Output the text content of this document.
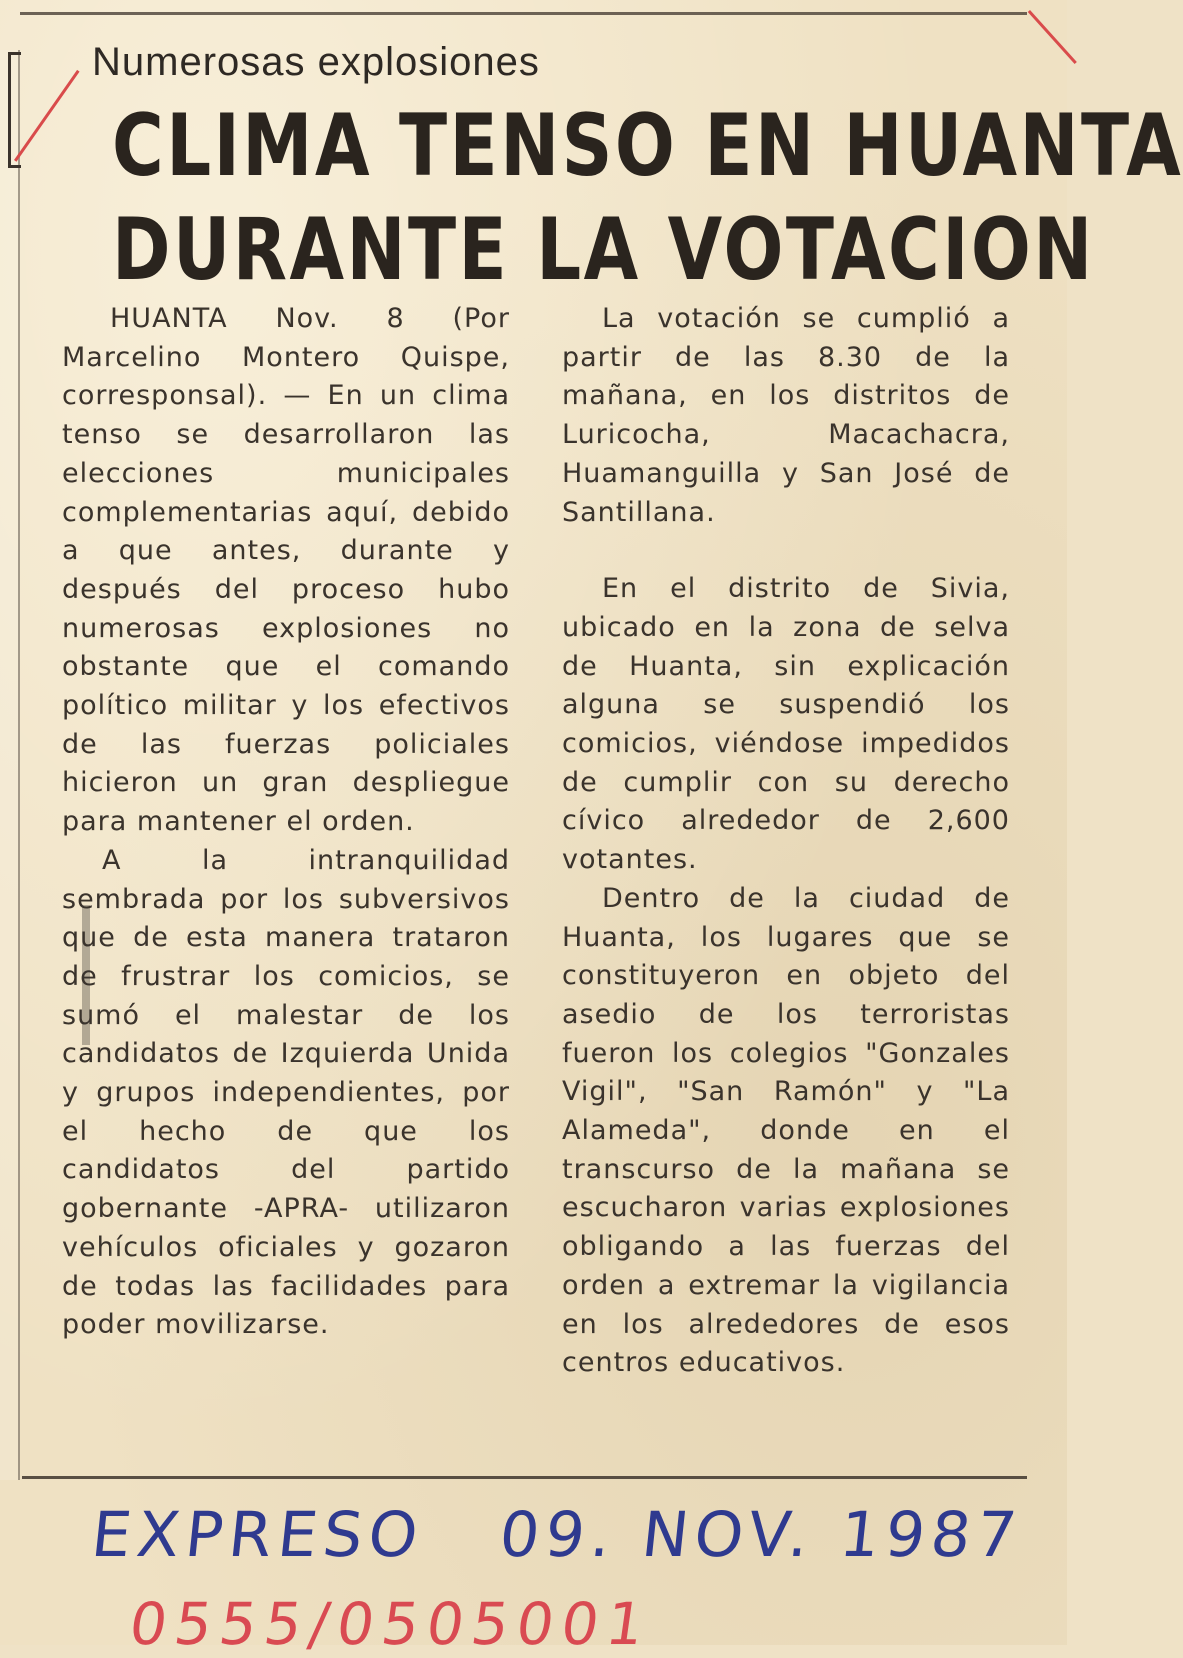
Numerosas explosiones
CLIMA TENSO EN HUANTA
DURANTE LA VOTACION

HUANTA Nov. 8 (Por Marcelino Montero Quispe, corresponsal). — En un clima tenso se desarrollaron las elecciones municipales complementarias aquí, debido a que antes, durante y después del proceso hubo numerosas explosiones no obstante que el comando político militar y los efectivos de las fuerzas policiales hicieron un gran despliegue para mantener el orden.

A la intranquilidad sembrada por los subversivos que de esta manera trataron de frustrar los comicios, se sumó el malestar de los candidatos de Izquierda Unida y grupos independientes, por el hecho de que los candidatos del partido gobernante -APRA- utilizaron vehículos oficiales y gozaron de todas las facilidades para poder movilizarse.

La votación se cumplió a partir de las 8.30 de la mañana, en los distritos de Luricocha, Macachacra, Huamanguilla y San José de Santillana.

En el distrito de Sivia, ubicado en la zona de selva de Huanta, sin explicación alguna se suspendió los comicios, viéndose impedidos de cumplir con su derecho cívico alrededor de 2,600 votantes.

Dentro de la ciudad de Huanta, los lugares que se constituyeron en objeto del asedio de los terroristas fueron los colegios "Gonzales Vigil", "San Ramón" y "La Alameda", donde en el transcurso de la mañana se escucharon varias explosiones obligando a las fuerzas del orden a extremar la vigilancia en los alrededores de esos centros educativos.

EXPRESO 09. NOV. 1987
0555/0505001
